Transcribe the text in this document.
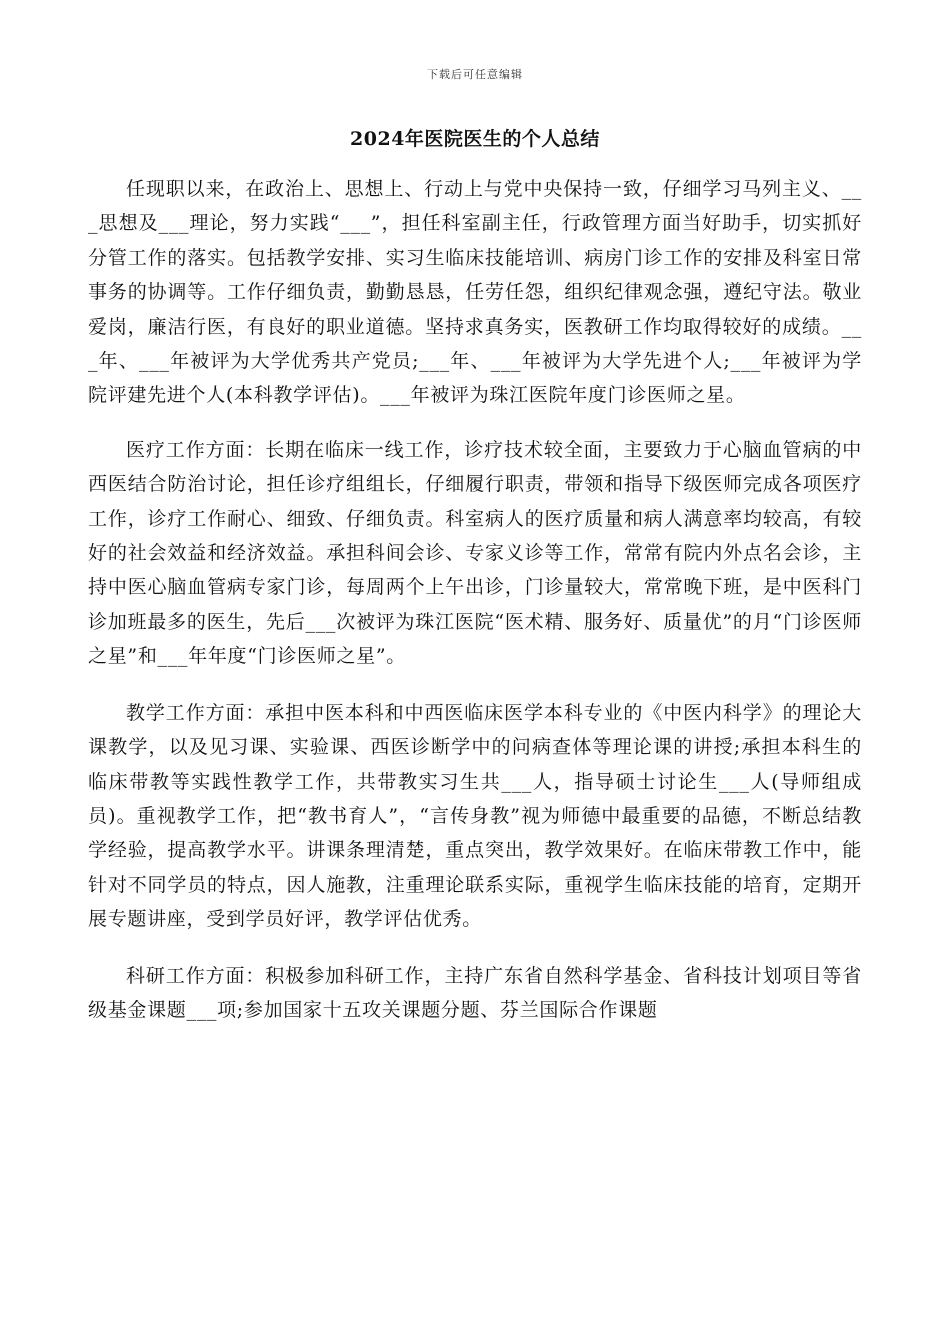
下载后可任意编辑
2024年医院医生的个人总结

任现职以来，在政治上、思想上、行动上与党中央保持一致，仔细学习马列主义、___思想及___理论，努力实践“___”，担任科室副主任，行政管理方面当好助手，切实抓好分管工作的落实。包括教学安排、实习生临床技能培训、病房门诊工作的安排及科室日常事务的协调等。工作仔细负责，勤勤恳恳，任劳任怨，组织纪律观念强，遵纪守法。敬业爱岗，廉洁行医，有良好的职业道德。坚持求真务实，医教研工作均取得较好的成绩。___年、___年被评为大学优秀共产党员;___年、___年被评为大学先进个人;___年被评为学院评建先进个人(本科教学评估)。___年被评为珠江医院年度门诊医师之星。

医疗工作方面：长期在临床一线工作，诊疗技术较全面，主要致力于心脑血管病的中西医结合防治讨论，担任诊疗组组长，仔细履行职责，带领和指导下级医师完成各项医疗工作，诊疗工作耐心、细致、仔细负责。科室病人的医疗质量和病人满意率均较高，有较好的社会效益和经济效益。承担科间会诊、专家义诊等工作，常常有院内外点名会诊，主持中医心脑血管病专家门诊，每周两个上午出诊，门诊量较大，常常晚下班，是中医科门诊加班最多的医生，先后___次被评为珠江医院“医术精、服务好、质量优”的月“门诊医师之星”和___年年度“门诊医师之星”。

教学工作方面：承担中医本科和中西医临床医学本科专业的《中医内科学》的理论大课教学，以及见习课、实验课、西医诊断学中的问病查体等理论课的讲授;承担本科生的临床带教等实践性教学工作，共带教实习生共___人，指导硕士讨论生___人(导师组成员)。重视教学工作，把“教书育人”，“言传身教”视为师德中最重要的品德，不断总结教学经验，提高教学水平。讲课条理清楚，重点突出，教学效果好。在临床带教工作中，能针对不同学员的特点，因人施教，注重理论联系实际，重视学生临床技能的培育，定期开展专题讲座，受到学员好评，教学评估优秀。

科研工作方面：积极参加科研工作，主持广东省自然科学基金、省科技计划项目等省级基金课题___项;参加国家十五攻关课题分题、芬兰国际合作课题
